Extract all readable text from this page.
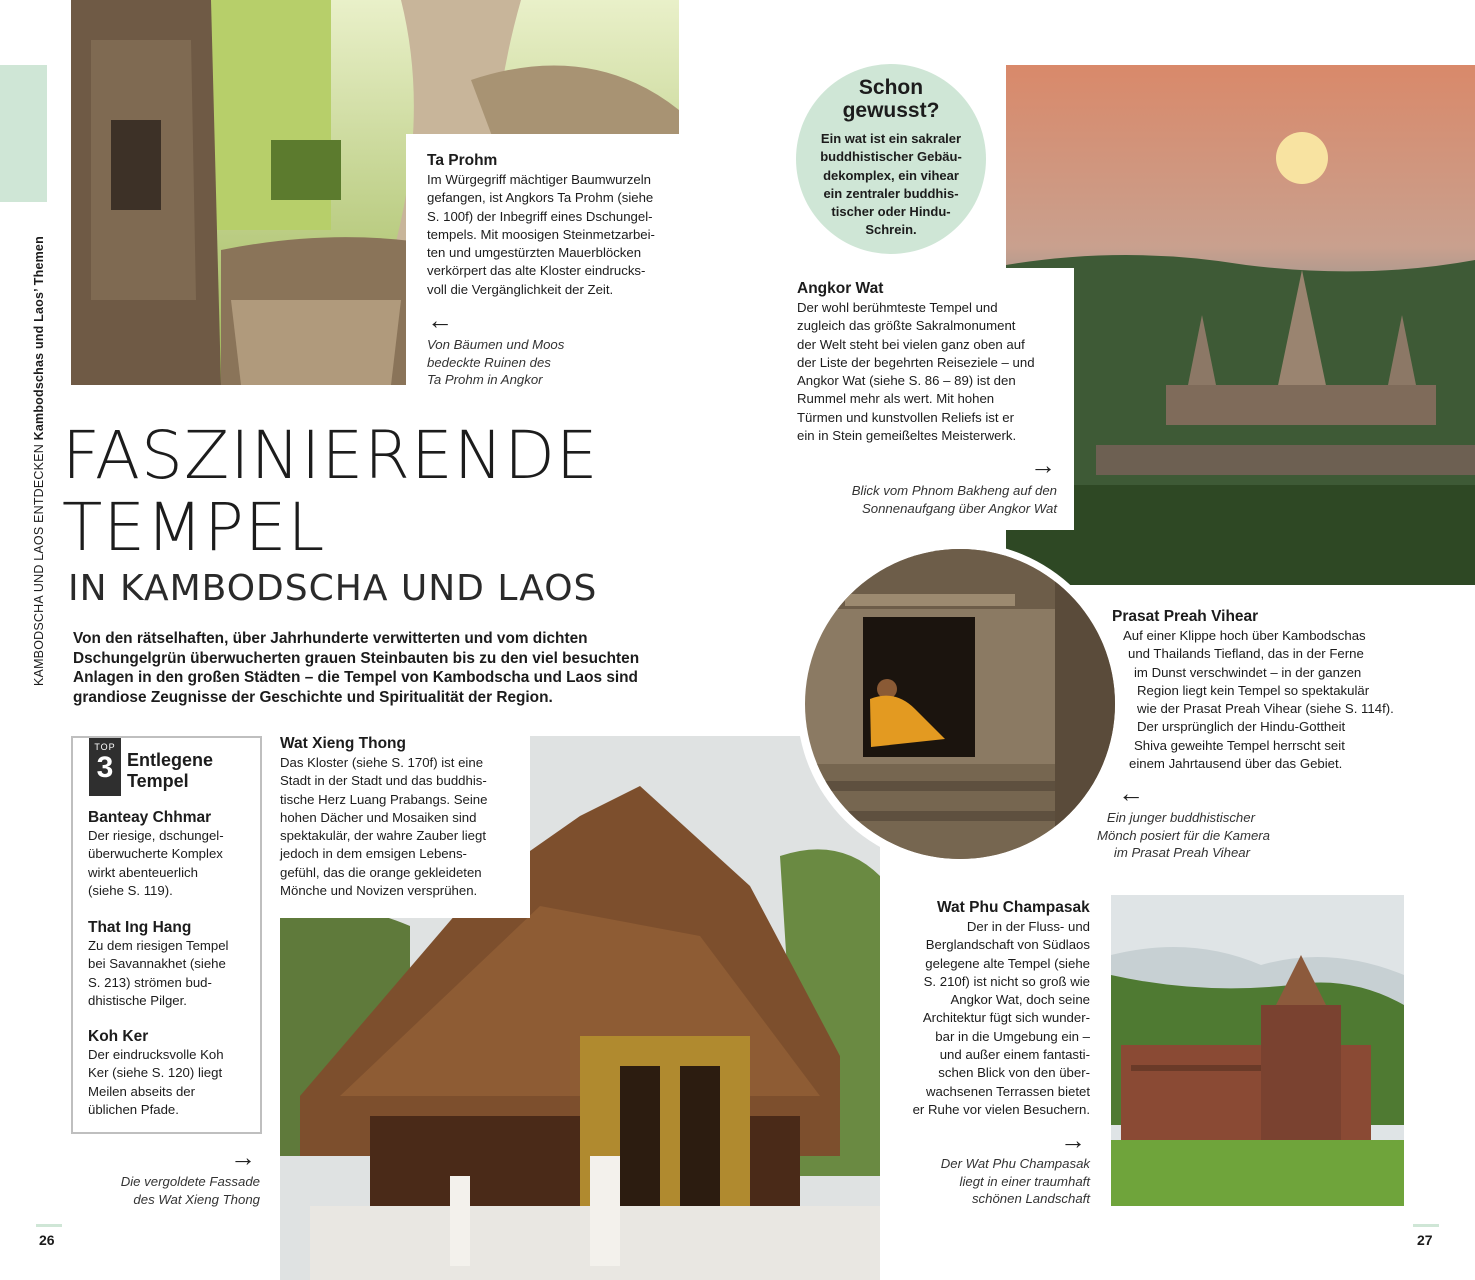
KAMBODSCHA UND LAOS ENTDECKEN Kambodschas und Laos’ Themen
Ta Prohm
Im Würgegriff mächtiger Baumwurzeln
gefangen, ist Angkors Ta Prohm (siehe
S. 100f) der Inbegriff eines Dschungel-
tempels. Mit moosigen Steinmetzarbei-
ten und umgestürzten Mauerblöcken
verkörpert das alte Kloster eindrucks-
voll die Vergänglichkeit der Zeit.
←
Von Bäumen und Moos
bedeckte Ruinen des
Ta Prohm in Angkor
FASZINIERENDE
TEMPEL
IN KAMBODSCHA UND LAOS
Von den rätselhaften, über Jahrhunderte verwitterten und vom dichten
Dschungelgrün überwucherten grauen Steinbauten bis zu den viel besuchten
Anlagen in den großen Städten – die Tempel von Kambodscha und Laos sind
grandiose Zeugnisse der Geschichte und Spiritualität der Region.
TOP
3 Entlegene
Tempel
Banteay Chhmar
Der riesige, dschungel-
überwucherte Komplex
wirkt abenteuerlich
(siehe S. 119).
That Ing Hang
Zu dem riesigen Tempel
bei Savannakhet (siehe
S. 213) strömen bud-
dhistische Pilger.
Koh Ker
Der eindrucksvolle Koh
Ker (siehe S. 120) liegt
Meilen abseits der
üblichen Pfade.
→
Die vergoldete Fassade
des Wat Xieng Thong
Wat Xieng Thong
Das Kloster (siehe S. 170f) ist eine
Stadt in der Stadt und das buddhis-
tische Herz Luang Prabangs. Seine
hohen Dächer und Mosaiken sind
spektakulär, der wahre Zauber liegt
jedoch in dem emsigen Lebens-
gefühl, das die orange gekleideten
Mönche und Novizen versprühen.
Schon
gewusst?
Ein wat ist ein sakraler
buddhistischer Gebäu-
dekomplex, ein vihear
ein zentraler buddhis-
tischer oder Hindu-
Schrein.
Angkor Wat
Der wohl berühmteste Tempel und
zugleich das größte Sakralmonument
der Welt steht bei vielen ganz oben auf
der Liste der begehrten Reiseziele – und
Angkor Wat (siehe S. 86 – 89) ist den
Rummel mehr als wert. Mit hohen
Türmen und kunstvollen Reliefs ist er
ein in Stein gemeißeltes Meisterwerk.
→
Blick vom Phnom Bakheng auf den
Sonnenaufgang über Angkor Wat
Prasat Preah Vihear
Auf einer Klippe hoch über Kambodschas
und Thailands Tiefland, das in der Ferne
im Dunst verschwindet – in der ganzen
Region liegt kein Tempel so spektakulär
wie der Prasat Preah Vihear (siehe S. 114f).
Der ursprünglich der Hindu-Gottheit
Shiva geweihte Tempel herrscht seit
einem Jahrtausend über das Gebiet.
←
Ein junger buddhistischer
Mönch posiert für die Kamera
im Prasat Preah Vihear
Wat Phu Champasak
Der in der Fluss- und
Berglandschaft von Südlaos
gelegene alte Tempel (siehe
S. 210f) ist nicht so groß wie
Angkor Wat, doch seine
Architektur fügt sich wunder-
bar in die Umgebung ein –
und außer einem fantasti-
schen Blick von den über-
wachsenen Terrassen bietet
er Ruhe vor vielen Besuchern.
→
Der Wat Phu Champasak
liegt in einer traumhaft
schönen Landschaft
26	27
